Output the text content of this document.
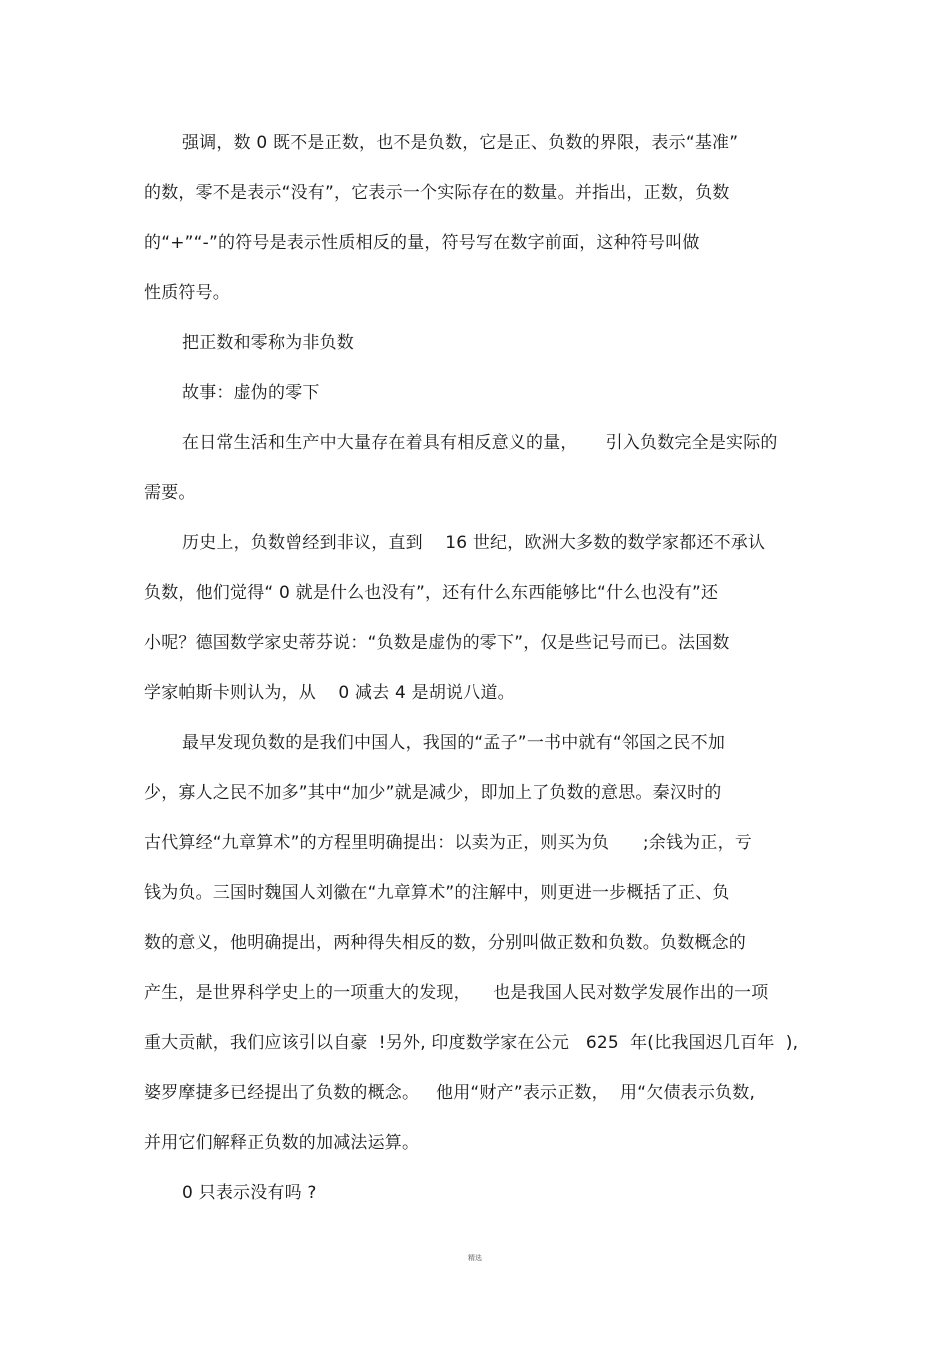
强调，数 0 既不是正数，也不是负数，它是正、负数的界限，表示“基准”
的数，零不是表示“没有”，它表示一个实际存在的数量。并指出，正数，负数
的“+”“-”的符号是表示性质相反的量，符号写在数字前面，这种符号叫做
性质符号。
把正数和零称为非负数
故事：虚伪的零下
在日常生活和生产中大量存在着具有相反意义的量，     引入负数完全是实际的
需要。
历史上，负数曾经到非议，直到    16 世纪，欧洲大多数的数学家都还不承认
负数，他们觉得“ 0 就是什么也没有”，还有什么东西能够比“什么也没有”还
小呢？德国数学家史蒂芬说：“负数是虚伪的零下”，仅是些记号而已。法国数
学家帕斯卡则认为，从    0 减去 4 是胡说八道。
最早发现负数的是我们中国人，我国的“孟子”一书中就有“邻国之民不加
少，寡人之民不加多”其中“加少”就是减少，即加上了负数的意思。秦汉时的
古代算经“九章算术”的方程里明确提出：以卖为正，则买为负      ;余钱为正，亏
钱为负。三国时魏国人刘徽在“九章算术”的注解中，则更进一步概括了正、负
数的意义，他明确提出，两种得失相反的数，分别叫做正数和负数。负数概念的
产生，是世界科学史上的一项重大的发现，    也是我国人民对数学发展作出的一项
重大贡献，我们应该引以自豪  !另外, 印度数学家在公元   625  年(比我国迟几百年  ),
婆罗摩捷多已经提出了负数的概念。   他用“财产”表示正数，  用“欠债表示负数,
并用它们解释正负数的加减法运算。
0 只表示没有吗 ?
精选
